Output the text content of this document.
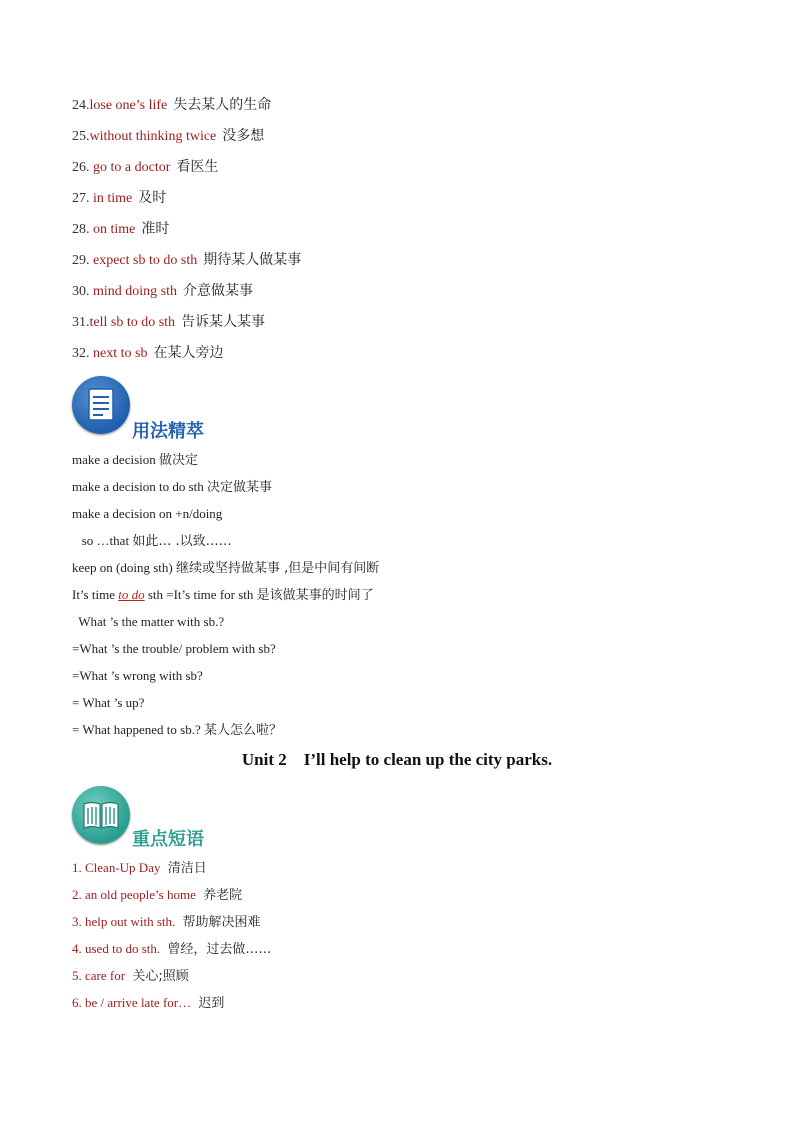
24.lose one’s life 失去某人的生命
25.without thinking twice 没多想
26. go to a doctor 看医生
27. in time 及时
28. on time 准时
29. expect sb to do sth 期待某人做某事
30. mind doing sth 介意做某事
31.tell sb to do sth 告诉某人某事
32. next to sb 在某人旁边
用法精萃
make a decision 做决定
make a decision to do sth 决定做某事
make a decision on +n/doing
so …that 如此… .以致……
keep on (doing sth) 继续或坚持做某事 ,但是中间有间断
It’s time to do sth =It’s time for sth 是该做某事的时间了
What ’s the matter with sb.?
=What ’s the trouble/ problem with sb?
=What ’s wrong with sb?
= What ’s up?
= What happened to sb.? 某人怎么啦？
Unit 2    I’ll help to clean up the city parks.
重点短语
1. Clean-Up Day 清洁日
2. an old people’s home 养老院
3. help out with sth. 帮助解决困难
4. used to do sth. 曾经，过去做……
5. care for 关心;照顾
6. be / arrive late for… 迟到
